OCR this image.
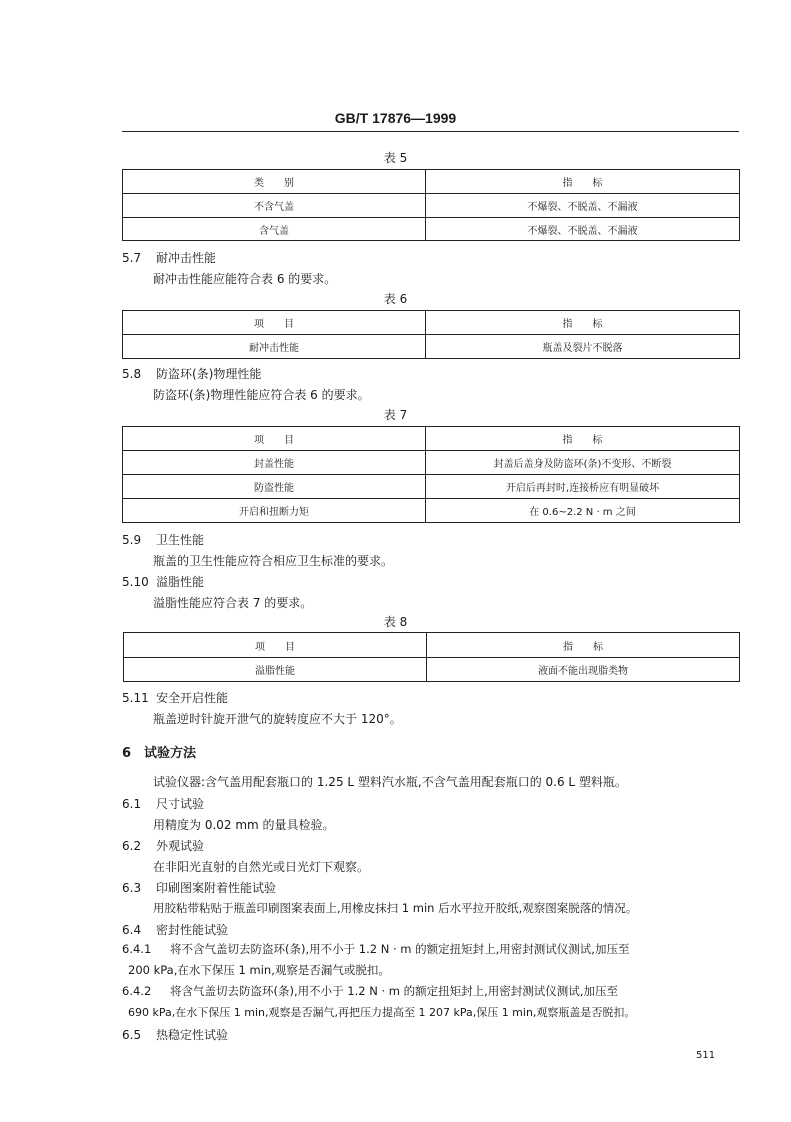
GB/T 17876—1999
表 5
类　　别	指　　标
不含气盖	不爆裂、不脱盖、不漏液
含气盖	不爆裂、不脱盖、不漏液
5.7 耐冲击性能
耐冲击性能应能符合表 6 的要求。
表 6
项　　目	指　　标
耐冲击性能	瓶盖及裂片不脱落
5.8 防盗环(条)物理性能
防盗环(条)物理性能应符合表 6 的要求。
表 7
项　　目	指　　标
封盖性能	封盖后盖身及防盗环(条)不变形、不断裂
防盗性能	开启后再封时,连接桥应有明显破坏
开启和扭断力矩	在 0.6~2.2 N · m 之间
5.9 卫生性能
瓶盖的卫生性能应符合相应卫生标准的要求。
5.10 溢脂性能
溢脂性能应符合表 7 的要求。
表 8
项　　目	指　　标
溢脂性能	液面不能出现脂类物
5.11 安全开启性能
瓶盖逆时针旋开泄气的旋转度应不大于 120°。
6 试验方法
试验仪器:含气盖用配套瓶口的 1.25 L 塑料汽水瓶,不含气盖用配套瓶口的 0.6 L 塑料瓶。
6.1 尺寸试验
用精度为 0.02 mm 的量具检验。
6.2 外观试验
在非阳光直射的自然光或日光灯下观察。
6.3 印刷图案附着性能试验
用胶粘带粘贴于瓶盖印刷图案表面上,用橡皮抹扫 1 min 后水平拉开胶纸,观察图案脱落的情况。
6.4 密封性能试验
6.4.1 将不含气盖切去防盗环(条),用不小于 1.2 N · m 的额定扭矩封上,用密封测试仪测试,加压至
200 kPa,在水下保压 1 min,观察是否漏气或脱扣。
6.4.2 将含气盖切去防盗环(条),用不小于 1.2 N · m 的额定扭矩封上,用密封测试仪测试,加压至
690 kPa,在水下保压 1 min,观察是否漏气,再把压力提高至 1 207 kPa,保压 1 min,观察瓶盖是否脱扣。
6.5 热稳定性试验
511
